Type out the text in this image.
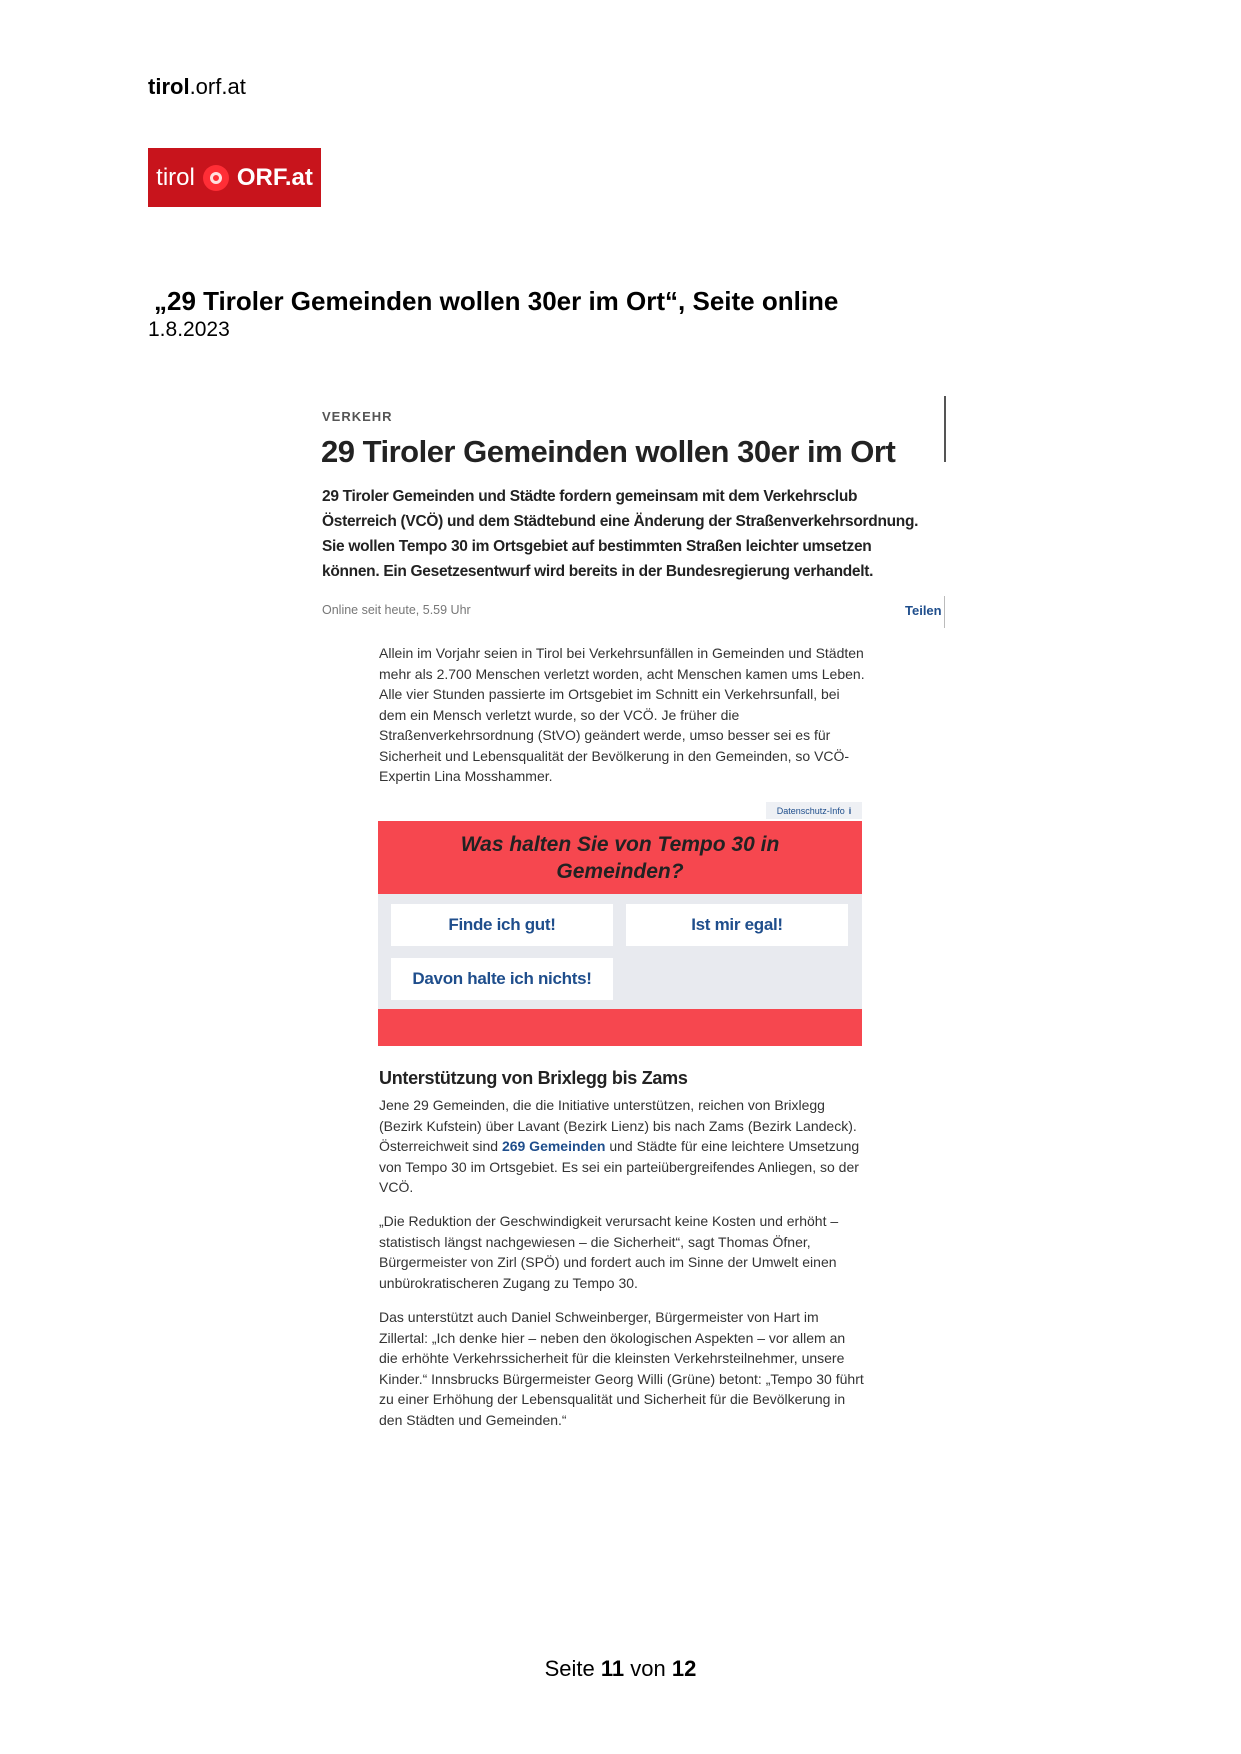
tirol.orf.at
tirol ORF.at
„29 Tiroler Gemeinden wollen 30er im Ort“, Seite online
1.8.2023
VERKEHR
29 Tiroler Gemeinden wollen 30er im Ort
29 Tiroler Gemeinden und Städte fordern gemeinsam mit dem Verkehrsclub Österreich (VCÖ) und dem Städtebund eine Änderung der Straßenverkehrsordnung. Sie wollen Tempo 30 im Ortsgebiet auf bestimmten Straßen leichter umsetzen können. Ein Gesetzesentwurf wird bereits in der Bundesregierung verhandelt.
Online seit heute, 5.59 Uhr	Teilen
Allein im Vorjahr seien in Tirol bei Verkehrsunfällen in Gemeinden und Städten mehr als 2.700 Menschen verletzt worden, acht Menschen kamen ums Leben. Alle vier Stunden passierte im Ortsgebiet im Schnitt ein Verkehrsunfall, bei dem ein Mensch verletzt wurde, so der VCÖ. Je früher die Straßenverkehrsordnung (StVO) geändert werde, umso besser sei es für Sicherheit und Lebensqualität der Bevölkerung in den Gemeinden, so VCÖ-Expertin Lina Mosshammer.
Datenschutz-Info i
Was halten Sie von Tempo 30 in Gemeinden?
Finde ich gut!	Ist mir egal!
Davon halte ich nichts!
Unterstützung von Brixlegg bis Zams
Jene 29 Gemeinden, die die Initiative unterstützen, reichen von Brixlegg (Bezirk Kufstein) über Lavant (Bezirk Lienz) bis nach Zams (Bezirk Landeck). Österreichweit sind 269 Gemeinden und Städte für eine leichtere Umsetzung von Tempo 30 im Ortsgebiet. Es sei ein parteiübergreifendes Anliegen, so der VCÖ.
„Die Reduktion der Geschwindigkeit verursacht keine Kosten und erhöht – statistisch längst nachgewiesen – die Sicherheit“, sagt Thomas Öfner, Bürgermeister von Zirl (SPÖ) und fordert auch im Sinne der Umwelt einen unbürokratischeren Zugang zu Tempo 30.
Das unterstützt auch Daniel Schweinberger, Bürgermeister von Hart im Zillertal: „Ich denke hier – neben den ökologischen Aspekten – vor allem an die erhöhte Verkehrssicherheit für die kleinsten Verkehrsteilnehmer, unsere Kinder.“ Innsbrucks Bürgermeister Georg Willi (Grüne) betont: „Tempo 30 führt zu einer Erhöhung der Lebensqualität und Sicherheit für die Bevölkerung in den Städten und Gemeinden.“
Seite 11 von 12
